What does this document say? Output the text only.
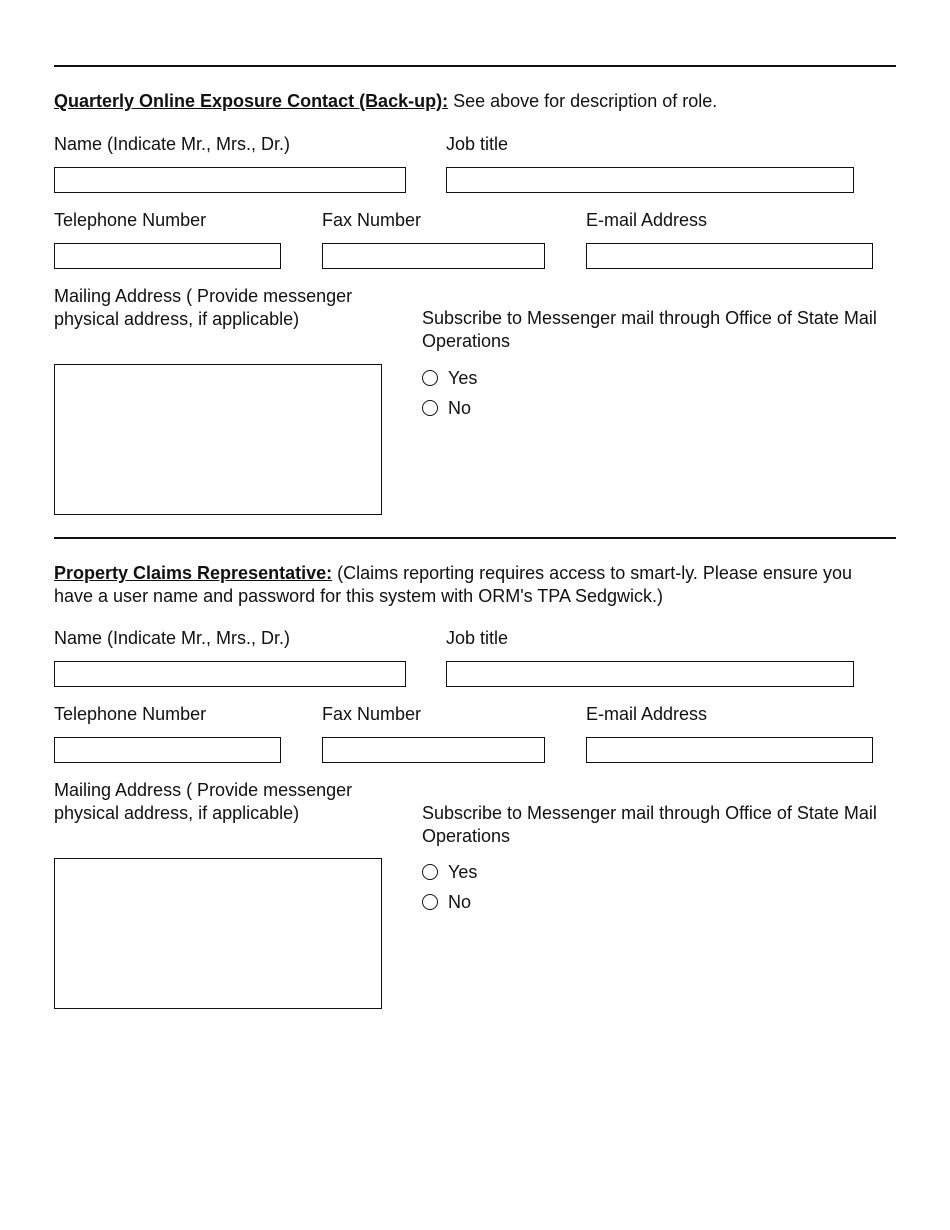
Quarterly Online Exposure Contact (Back-up): See above for description of role.
Name (Indicate Mr., Mrs., Dr.)	Job title
Telephone Number	Fax Number	E-mail Address
Mailing Address ( Provide messenger physical address, if applicable)	Subscribe to Messenger mail through Office of State Mail Operations
Yes
No
Property Claims Representative: (Claims reporting requires access to smart-ly. Please ensure you have a user name and password for this system with ORM's TPA Sedgwick.)
Name (Indicate Mr., Mrs., Dr.)	Job title
Telephone Number	Fax Number	E-mail Address
Mailing Address ( Provide messenger physical address, if applicable)	Subscribe to Messenger mail through Office of State Mail Operations
Yes
No
